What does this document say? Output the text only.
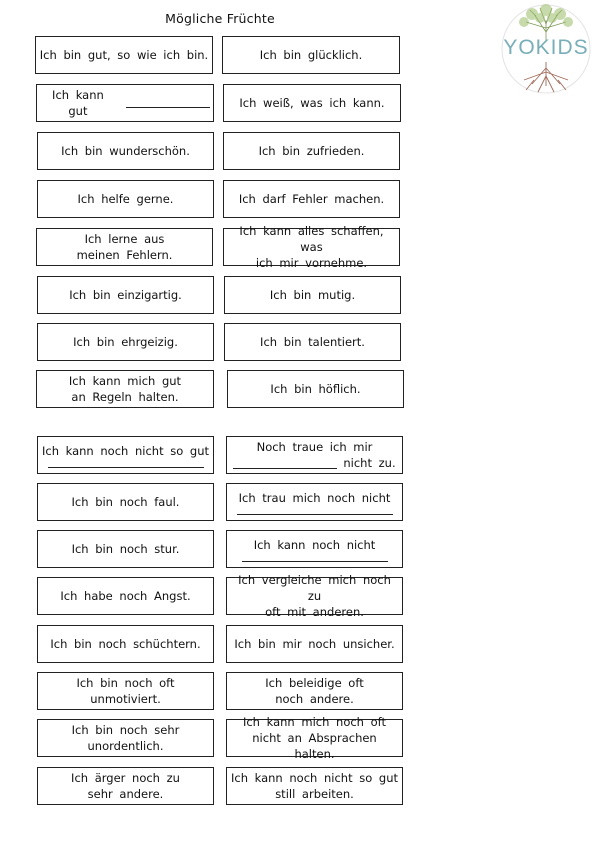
Mögliche Früchte
YOKIDS
Ich bin gut, so wie ich bin.	Ich bin glücklich.
Ich kann gut
Ich weiß, was ich kann.
Ich bin wunderschön.	Ich bin zufrieden.
Ich helfe gerne.	Ich darf Fehler machen.
Ich lerne aus
meinen Fehlern.
Ich kann alles schaffen, was
ich mir vornehme.
Ich bin einzigartig.	Ich bin mutig.
Ich bin ehrgeizig.	Ich bin talentiert.
Ich kann mich gut
an Regeln halten.
Ich bin höflich.
Ich kann noch nicht so gut	Noch traue ich mir
nicht zu.
Ich bin noch faul.	Ich trau mich noch nicht
Ich bin noch stur.	Ich kann noch nicht
Ich habe noch Angst.
Ich vergleiche mich noch zu
oft mit anderen.
Ich bin noch schüchtern.	Ich bin mir noch unsicher.
Ich bin noch oft
unmotiviert.
Ich beleidige oft
noch andere.
Ich bin noch sehr
unordentlich.
Ich kann mich noch oft
nicht an Absprachen halten.
Ich ärger noch zu
sehr andere.
Ich kann noch nicht so gut
still arbeiten.
